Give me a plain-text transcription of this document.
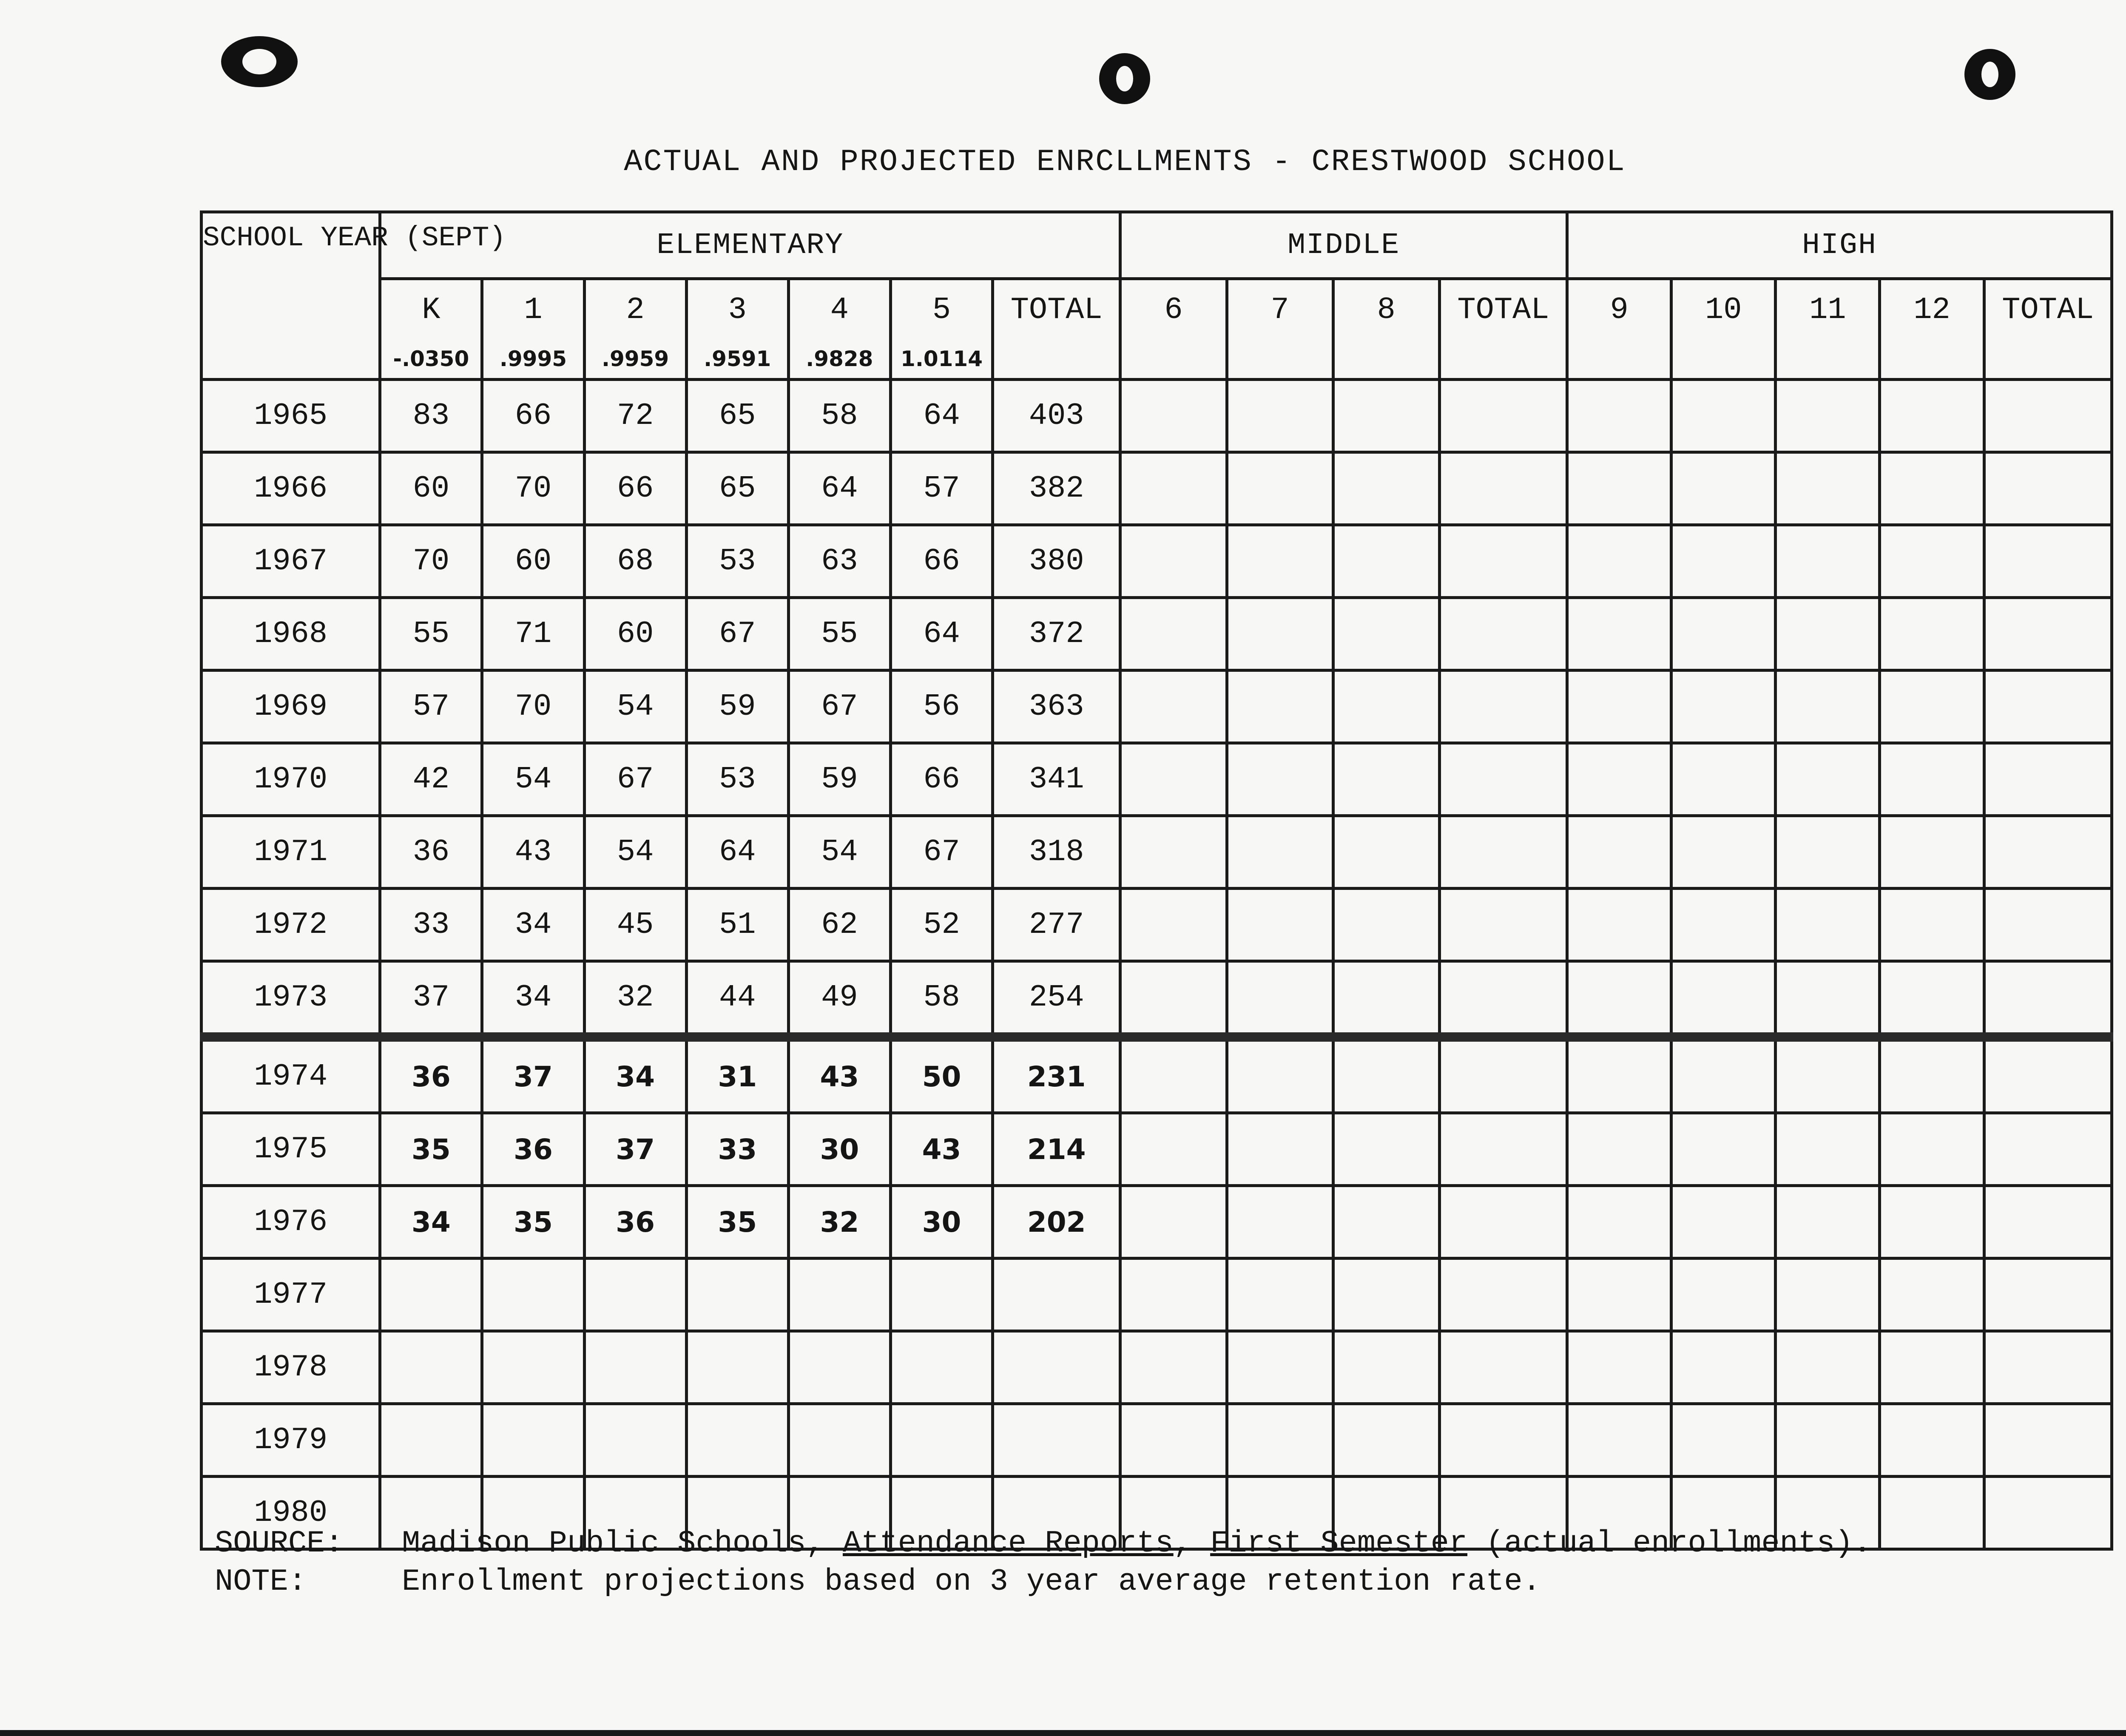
ACTUAL AND PROJECTED ENRCLLMENTS - CRESTWOOD SCHOOL
SCHOOL YEAR (SEPT)	ELEMENTARY							MIDDLE				HIGH				
	K	1	2	3	4	5	TOTAL	6	7	8	TOTAL	9	10	11	12	TOTAL
	-.0350	.9995	.9959	.9591	.9828	1.0114										
1965	83	66	72	65	58	64	403									
1966	60	70	66	65	64	57	382									
1967	70	60	68	53	63	66	380									
1968	55	71	60	67	55	64	372									
1969	57	70	54	59	67	56	363									
1970	42	54	67	53	59	66	341									
1971	36	43	54	64	54	67	318									
1972	33	34	45	51	62	52	277									
1973	37	34	32	44	49	58	254									
1974	36	37	34	31	43	50	231									
1975	35	36	37	33	30	43	214									
1976	34	35	36	35	32	30	202									
1977																
1978																
1979																
1980																
SOURCE:	Madison Public Schools, Attendance Reports , First Semester (actual enrollments).
NOTE:	Enrollment projections based on 3 year average retention rate.
